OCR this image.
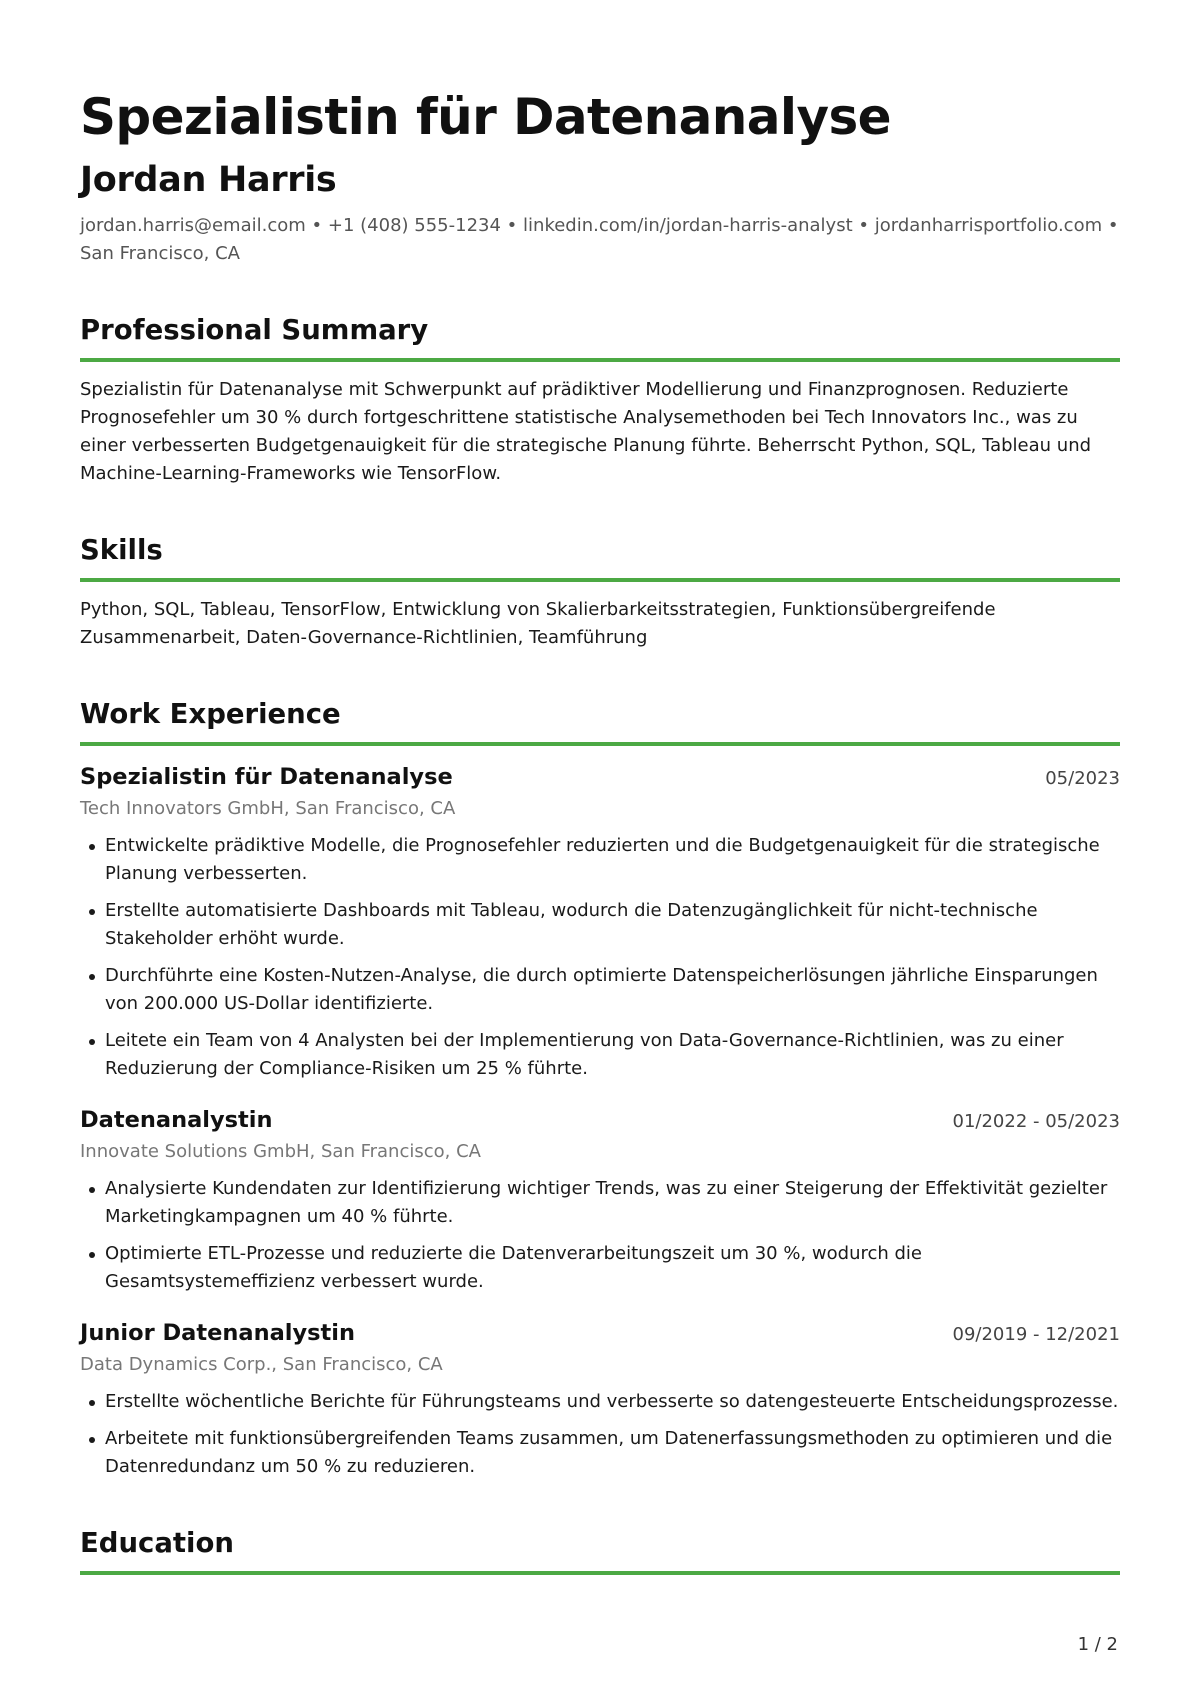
Spezialistin für Datenanalyse
Jordan Harris
jordan.harris@email.com • +1 (408) 555-1234 • linkedin.com/in/jordan-harris-analyst • jordanharrisportfolio.com • San Francisco, CA
Professional Summary
Spezialistin für Datenanalyse mit Schwerpunkt auf prädiktiver Modellierung und Finanzprognosen. Reduzierte Prognosefehler um 30 % durch fortgeschrittene statistische Analysemethoden bei Tech Innovators Inc., was zu einer verbesserten Budgetgenauigkeit für die strategische Planung führte. Beherrscht Python, SQL, Tableau und Machine-Learning-Frameworks wie TensorFlow.
Skills
Python, SQL, Tableau, TensorFlow, Entwicklung von Skalierbarkeitsstrategien, Funktionsübergreifende Zusammenarbeit, Daten-Governance-Richtlinien, Teamführung
Work Experience
Spezialistin für Datenanalyse	05/2023
Tech Innovators GmbH, San Francisco, CA
Entwickelte prädiktive Modelle, die Prognosefehler reduzierten und die Budgetgenauigkeit für die strategische Planung verbesserten.
Erstellte automatisierte Dashboards mit Tableau, wodurch die Datenzugänglichkeit für nicht-technische Stakeholder erhöht wurde.
Durchführte eine Kosten-Nutzen-Analyse, die durch optimierte Datenspeicherlösungen jährliche Einsparungen von 200.000 US-Dollar identifizierte.
Leitete ein Team von 4 Analysten bei der Implementierung von Data-Governance-Richtlinien, was zu einer Reduzierung der Compliance-Risiken um 25 % führte.
Datenanalystin	01/2022 - 05/2023
Innovate Solutions GmbH, San Francisco, CA
Analysierte Kundendaten zur Identifizierung wichtiger Trends, was zu einer Steigerung der Effektivität gezielter Marketingkampagnen um 40 % führte.
Optimierte ETL-Prozesse und reduzierte die Datenverarbeitungszeit um 30 %, wodurch die Gesamtsystemeffizienz verbessert wurde.
Junior Datenanalystin	09/2019 - 12/2021
Data Dynamics Corp., San Francisco, CA
Erstellte wöchentliche Berichte für Führungsteams und verbesserte so datengesteuerte Entscheidungsprozesse.
Arbeitete mit funktionsübergreifenden Teams zusammen, um Datenerfassungsmethoden zu optimieren und die Datenredundanz um 50 % zu reduzieren.
Education
1 / 2
